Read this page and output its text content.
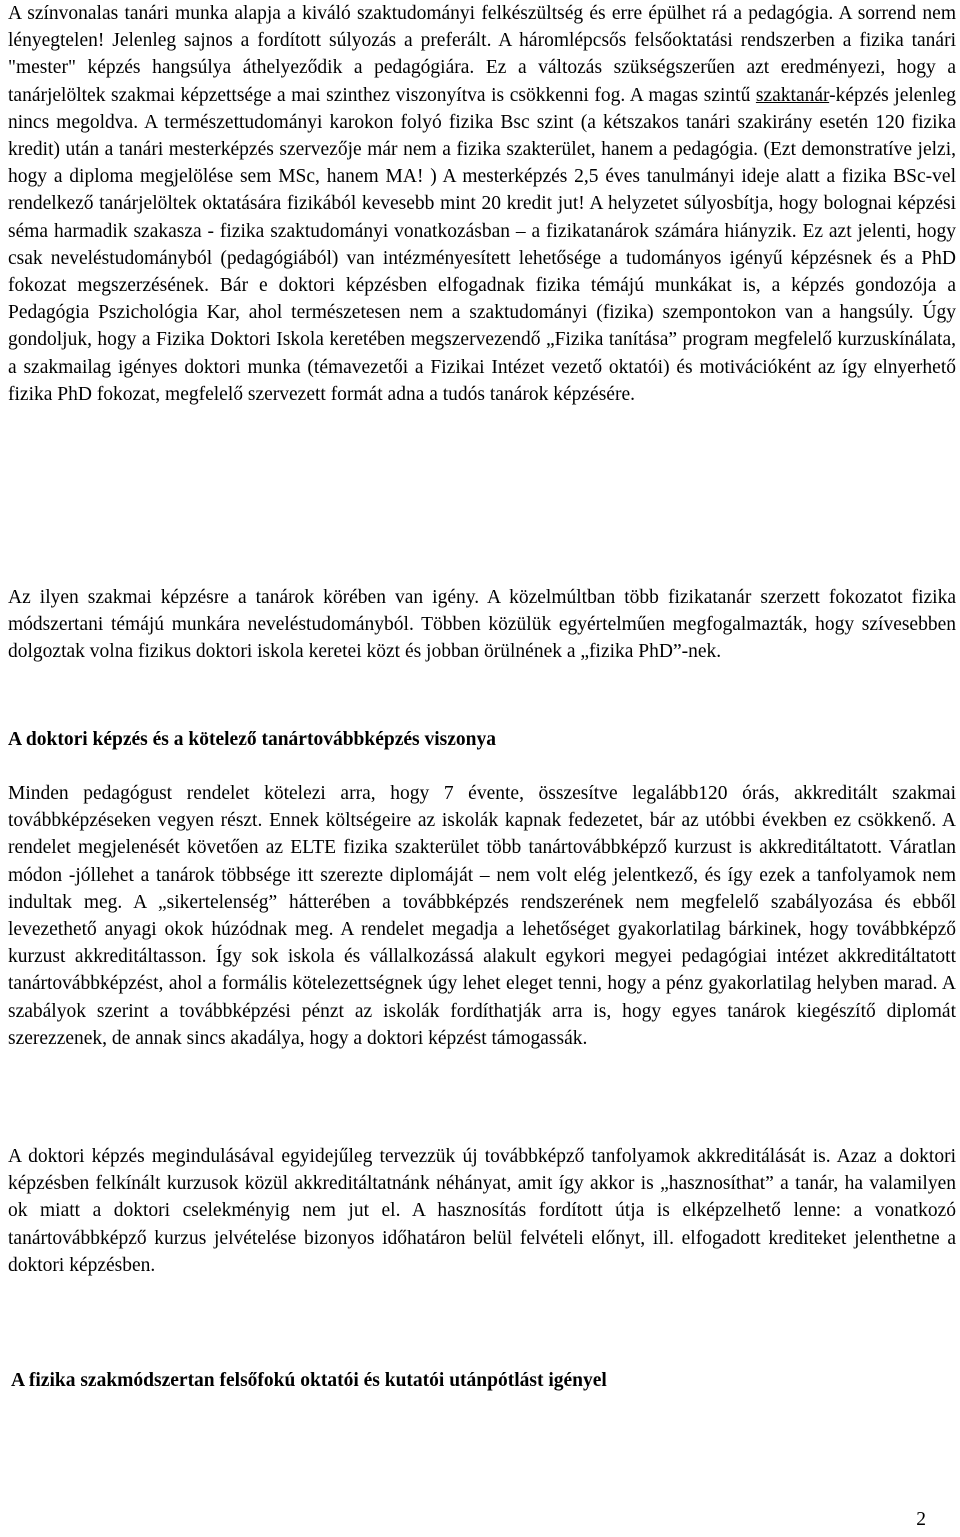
A színvonalas tanári munka alapja a kiváló szaktudományi felkészültség és erre épülhet rá a pedagógia. A sorrend nem lényegtelen! Jelenleg sajnos a fordított súlyozás a preferált. A háromlépcsős felsőoktatási rendszerben a fizika tanári "mester" képzés hangsúlya áthelyeződik a pedagógiára. Ez a változás szükségszerűen azt eredményezi, hogy a tanárjelöltek szakmai képzettsége a mai szinthez viszonyítva is csökkenni fog. A magas szintű szaktanár-képzés jelenleg nincs megoldva. A természettudományi karokon folyó fizika Bsc szint (a kétszakos tanári szakirány esetén 120 fizika kredit) után a tanári mesterképzés szervezője már nem a fizika szakterület, hanem a pedagógia. (Ezt demonstratíve jelzi, hogy a diploma megjelölése sem MSc, hanem MA! ) A mesterképzés 2,5 éves tanulmányi ideje alatt a fizika BSc-vel rendelkező tanárjelöltek oktatására fizikából kevesebb mint 20 kredit jut! A helyzetet súlyosbítja, hogy bolognai képzési séma harmadik szakasza - fizika szaktudományi vonatkozásban – a fizikatanárok számára hiányzik. Ez azt jelenti, hogy csak neveléstudományból (pedagógiából) van intézményesített lehetősége a tudományos igényű képzésnek és a PhD fokozat megszerzésének. Bár e doktori képzésben elfogadnak fizika témájú munkákat is, a képzés gondozója a Pedagógia Pszichológia Kar, ahol természetesen nem a szaktudományi (fizika) szempontokon van a hangsúly. Úgy gondoljuk, hogy a Fizika Doktori Iskola keretében megszervezendő „Fizika tanítása” program megfelelő kurzuskínálata, a szakmailag igényes doktori munka (témavezetői a Fizikai Intézet vezető oktatói) és motivációként az így elnyerhető fizika PhD fokozat, megfelelő szervezett formát adna a tudós tanárok képzésére.

Az ilyen szakmai képzésre a tanárok körében van igény. A közelmúltban több fizikatanár szerzett fokozatot fizika módszertani témájú munkára neveléstudományból. Többen közülük egyértelműen megfogalmazták, hogy szívesebben dolgoztak volna fizikus doktori iskola keretei közt és jobban örülnének a „fizika PhD”-nek.

A doktori képzés és a kötelező tanártovábbképzés viszonya

Minden pedagógust rendelet kötelezi arra, hogy 7 évente, összesítve legalább120 órás, akkreditált szakmai továbbképzéseken vegyen részt. Ennek költségeire az iskolák kapnak fedezetet, bár az utóbbi években ez csökkenő. A rendelet megjelenését követően az ELTE fizika szakterület több tanártovábbképző kurzust is akkreditáltatott. Váratlan módon -jóllehet a tanárok többsége itt szerezte diplomáját – nem volt elég jelentkező, és így ezek a tanfolyamok nem indultak meg. A „sikertelenség” hátterében a továbbképzés rendszerének nem megfelelő szabályozása és ebből levezethető anyagi okok húzódnak meg. A rendelet megadja a lehetőséget gyakorlatilag bárkinek, hogy továbbképző kurzust akkreditáltasson. Így sok iskola és vállalkozássá alakult egykori megyei pedagógiai intézet akkreditáltatott tanártovábbképzést, ahol a formális kötelezettségnek úgy lehet eleget tenni, hogy a pénz gyakorlatilag helyben marad. A szabályok szerint a továbbképzési pénzt az iskolák fordíthatják arra is, hogy egyes tanárok kiegészítő diplomát szerezzenek, de annak sincs akadálya, hogy a doktori képzést támogassák.

A doktori képzés megindulásával egyidejűleg tervezzük új továbbképző tanfolyamok akkreditálását is. Azaz a doktori képzésben felkínált kurzusok közül akkreditáltatnánk néhányat, amit így akkor is „hasznosíthat” a tanár, ha valamilyen ok miatt a doktori cselekményig nem jut el. A hasznosítás fordított útja is elképzelhető lenne: a vonatkozó tanártovábbképző kurzus jelvételése bizonyos időhatáron belül felvételi előnyt, ill. elfogadott krediteket jelenthetne a doktori képzésben.

A fizika szakmódszertan felsőfokú oktatói és kutatói utánpótlást igényel

2
